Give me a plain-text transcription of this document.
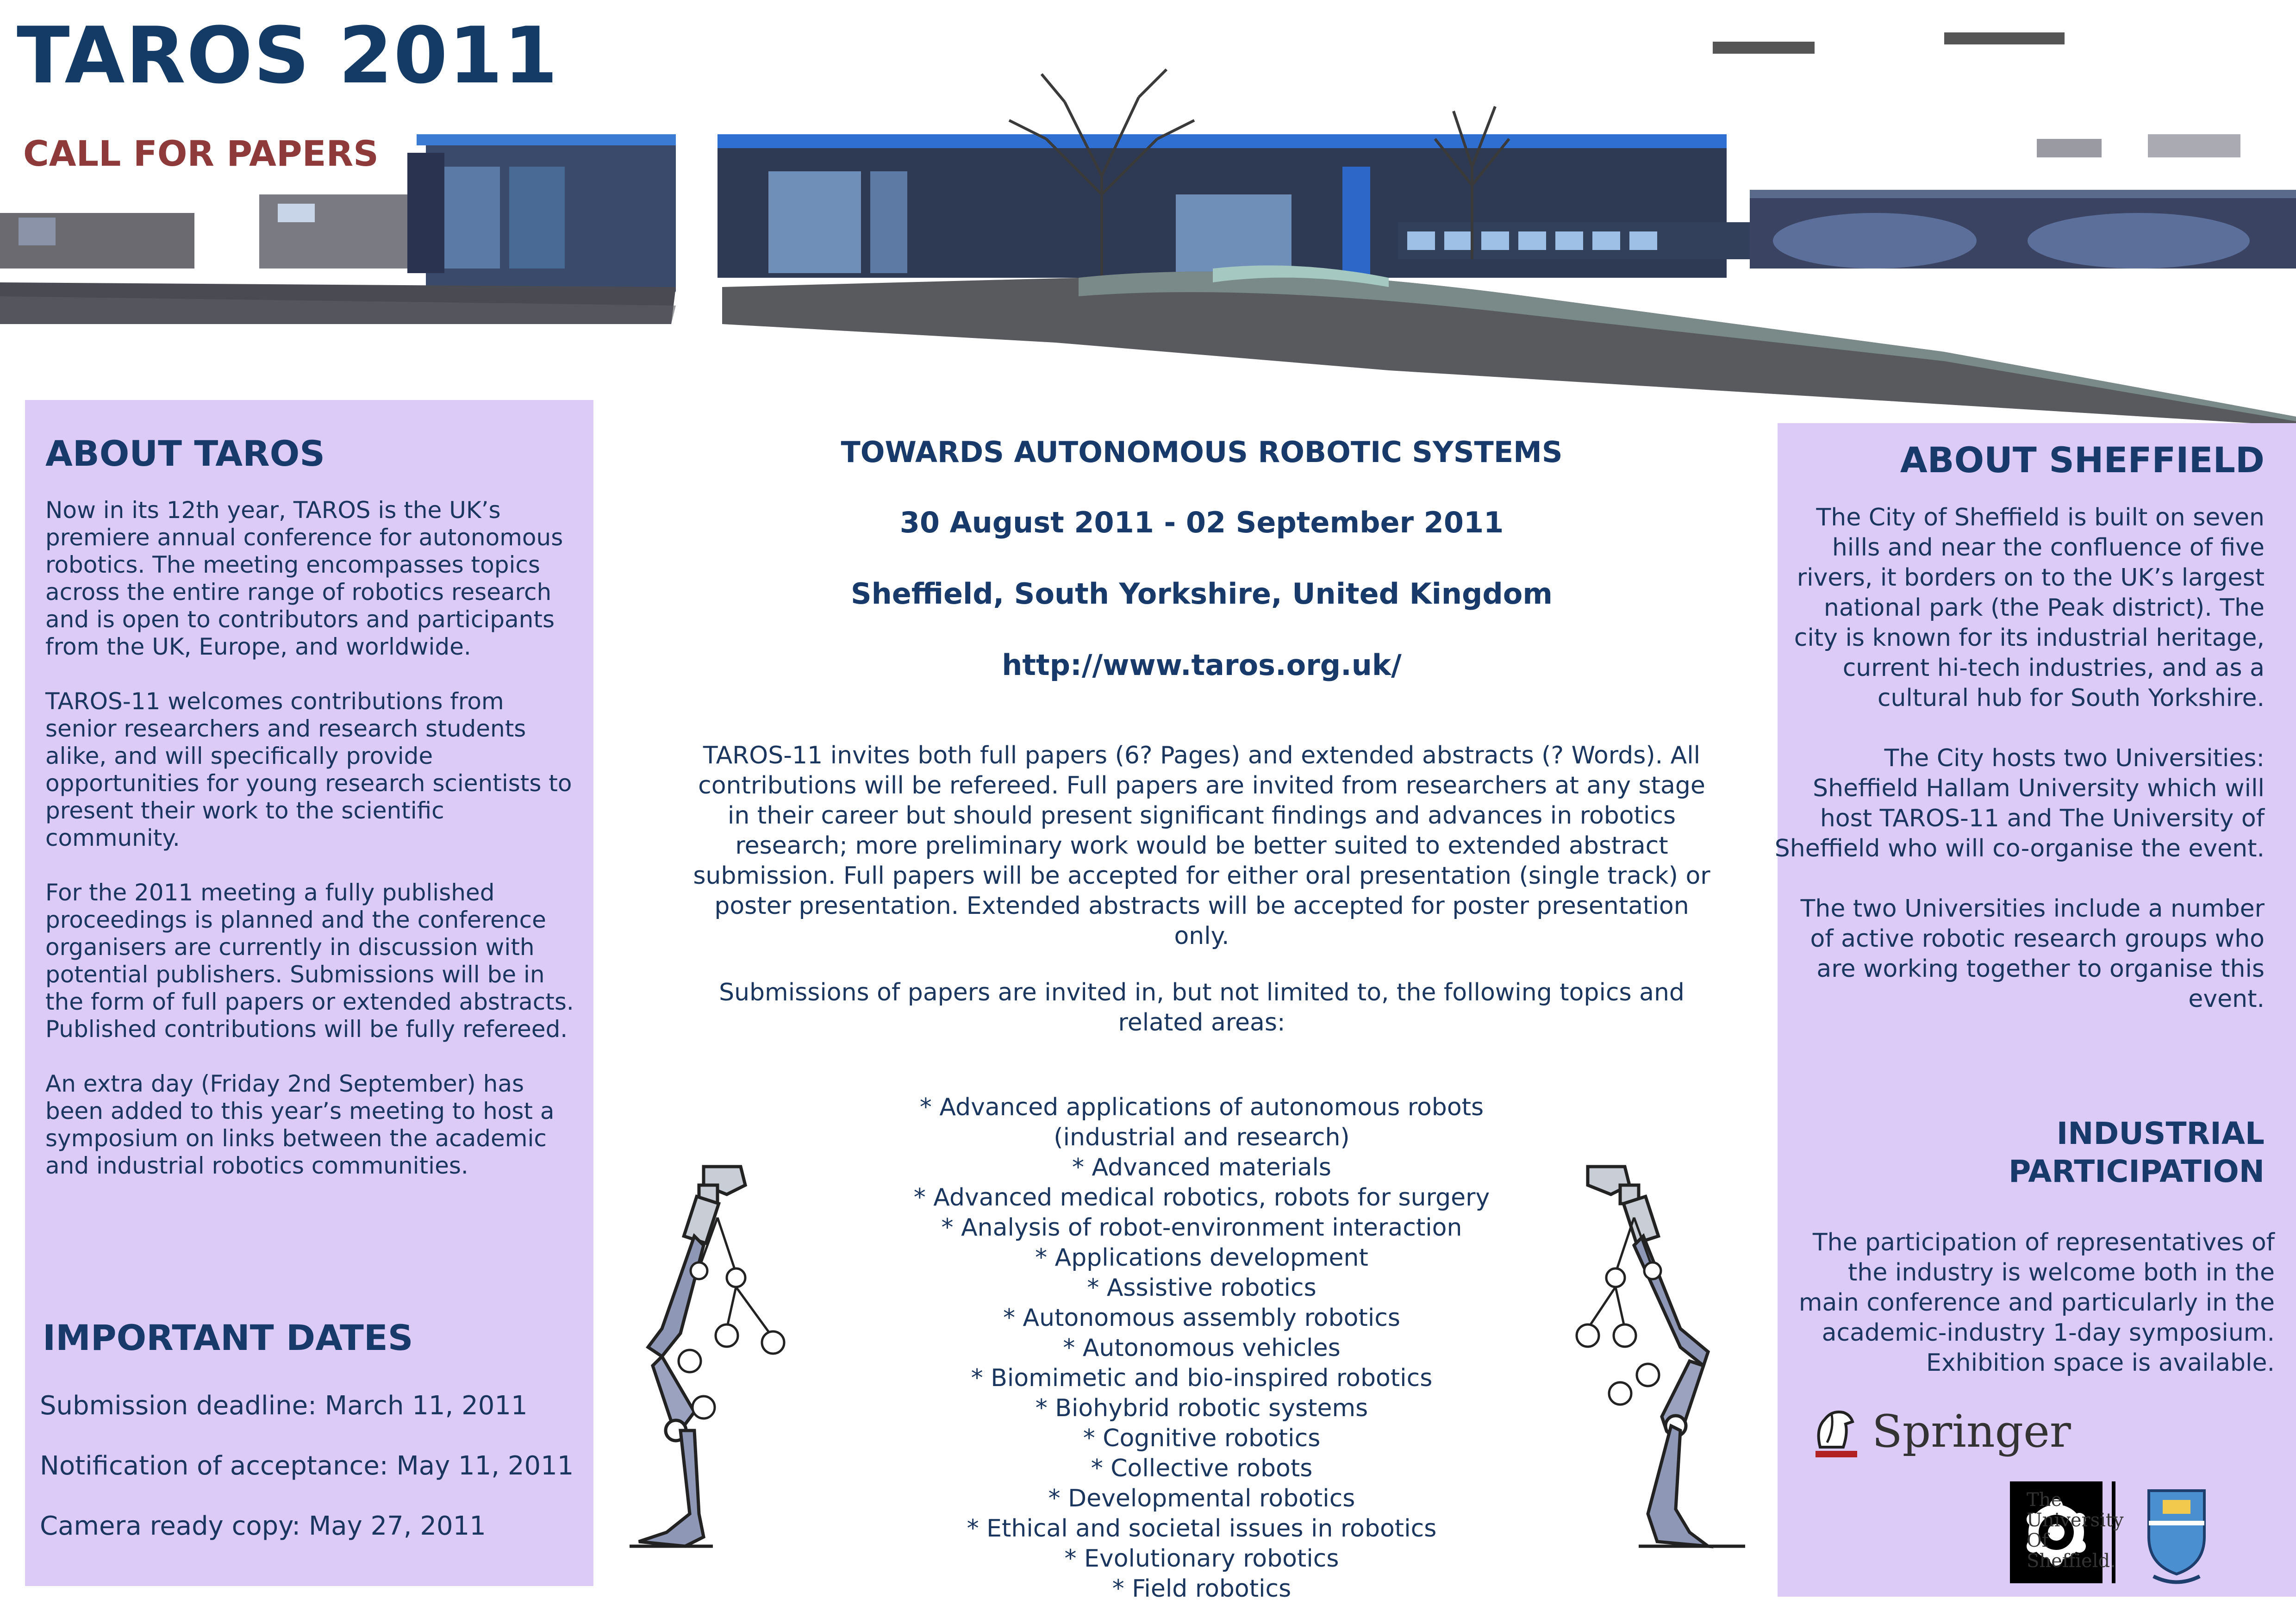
TAROS 2011
CALL FOR PAPERS
ABOUT TAROS

Now in its 12th year, TAROS is the UK’s premiere annual conference for autonomous robotics. The meeting encompasses topics across the entire range of robotics research and is open to contributors and participants from the UK, Europe, and worldwide.

TAROS-11 welcomes contributions from senior researchers and research students alike, and will specifically provide opportunities for young research scientists to present their work to the scientific community.

For the 2011 meeting a fully published proceedings is planned and the conference organisers are currently in discussion with potential publishers. Submissions will be in the form of full papers or extended abstracts. Published contributions will be fully refereed.

An extra day (Friday 2nd September) has been added to this year’s meeting to host a symposium on links between the academic and industrial robotics communities.

IMPORTANT DATES

Submission deadline: March 11, 2011

Notification of acceptance: May 11, 2011

Camera ready copy: May 27, 2011

TOWARDS AUTONOMOUS ROBOTIC SYSTEMS
30 August 2011 - 02 September 2011
Sheffield, South Yorkshire, United Kingdom
http://www.taros.org.uk/

TAROS-11 invites both full papers (6? Pages) and extended abstracts (? Words). All contributions will be refereed. Full papers are invited from researchers at any stage in their career but should present significant findings and advances in robotics research; more preliminary work would be better suited to extended abstract submission. Full papers will be accepted for either oral presentation (single track) or poster presentation. Extended abstracts will be accepted for poster presentation only.

Submissions of papers are invited in, but not limited to, the following topics and related areas:

* Advanced applications of autonomous robots
(industrial and research)
* Advanced materials
* Advanced medical robotics, robots for surgery
* Analysis of robot-environment interaction
* Applications development
* Assistive robotics
* Autonomous assembly robotics
* Autonomous vehicles
* Biomimetic and bio-inspired robotics
* Biohybrid robotic systems
* Cognitive robotics
* Collective robots
* Developmental robotics
* Ethical and societal issues in robotics
* Evolutionary robotics
* Field robotics
ABOUT SHEFFIELD

The City of Sheffield is built on seven hills and near the confluence of five rivers, it borders on to the UK’s largest national park (the Peak district). The city is known for its industrial heritage, current hi-tech industries, and as a cultural hub for South Yorkshire.

The City hosts two Universities: Sheffield Hallam University which will host TAROS-11 and The University of Sheffield who will co-organise the event.

The two Universities include a number of active robotic research groups who are working together to organise this event.

INDUSTRIAL
PARTICIPATION

The participation of representatives of the industry is welcome both in the main conference and particularly in the academic-industry 1-day symposium. Exhibition space is available.

Springer

The
University
Of
Sheffield.
